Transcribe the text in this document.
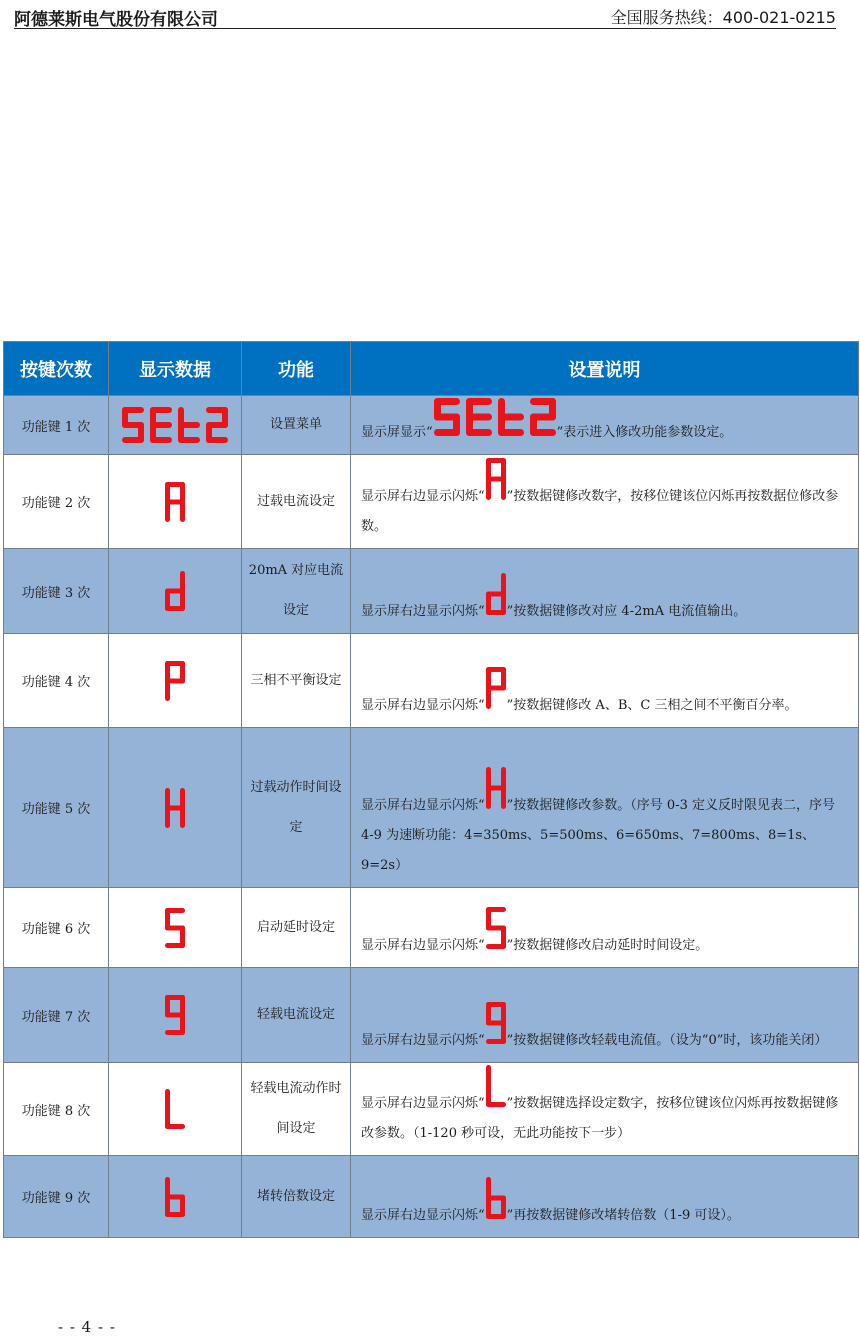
阿德莱斯电气股份有限公司	全国服务热线：400-021-0215
按键次数	显示数据	功能	设置说明
功能键 1 次		设置菜单	显示屏显示“ ”表示进入修改功能参数设定。
功能键 2 次		过载电流设定	显示屏右边显示闪烁“ ”按数据键修改数字，按移位键该位闪烁再按数据位修改参数。
功能键 3 次		20mA 对应电流设定	显示屏右边显示闪烁“ ”按数据键修改对应 4-2mA 电流值输出。
功能键 4 次		三相不平衡设定	显示屏右边显示闪烁“ ”按数据键修改 A、B、C 三相之间不平衡百分率。
功能键 5 次		过载动作时间设定	显示屏右边显示闪烁“ ”按数据键修改参数。（序号 0-3 定义反时限见表二，序号 4-9 为速断功能：4=350ms、5=500ms、6=650ms、7=800ms、8=1s、9=2s）
功能键 6 次		启动延时设定	显示屏右边显示闪烁“ ”按数据键修改启动延时时间设定。
功能键 7 次		轻载电流设定	显示屏右边显示闪烁“ ”按数据键修改轻载电流值。（设为“0”时，该功能关闭）
功能键 8 次		轻载电流动作时间设定	显示屏右边显示闪烁“ ”按数据键选择设定数字，按移位键该位闪烁再按数据键修改参数。（1-120 秒可设，无此功能按下一步）
功能键 9 次		堵转倍数设定	显示屏右边显示闪烁“ ”再按数据键修改堵转倍数（1-9 可设）。
- - 4 - -
